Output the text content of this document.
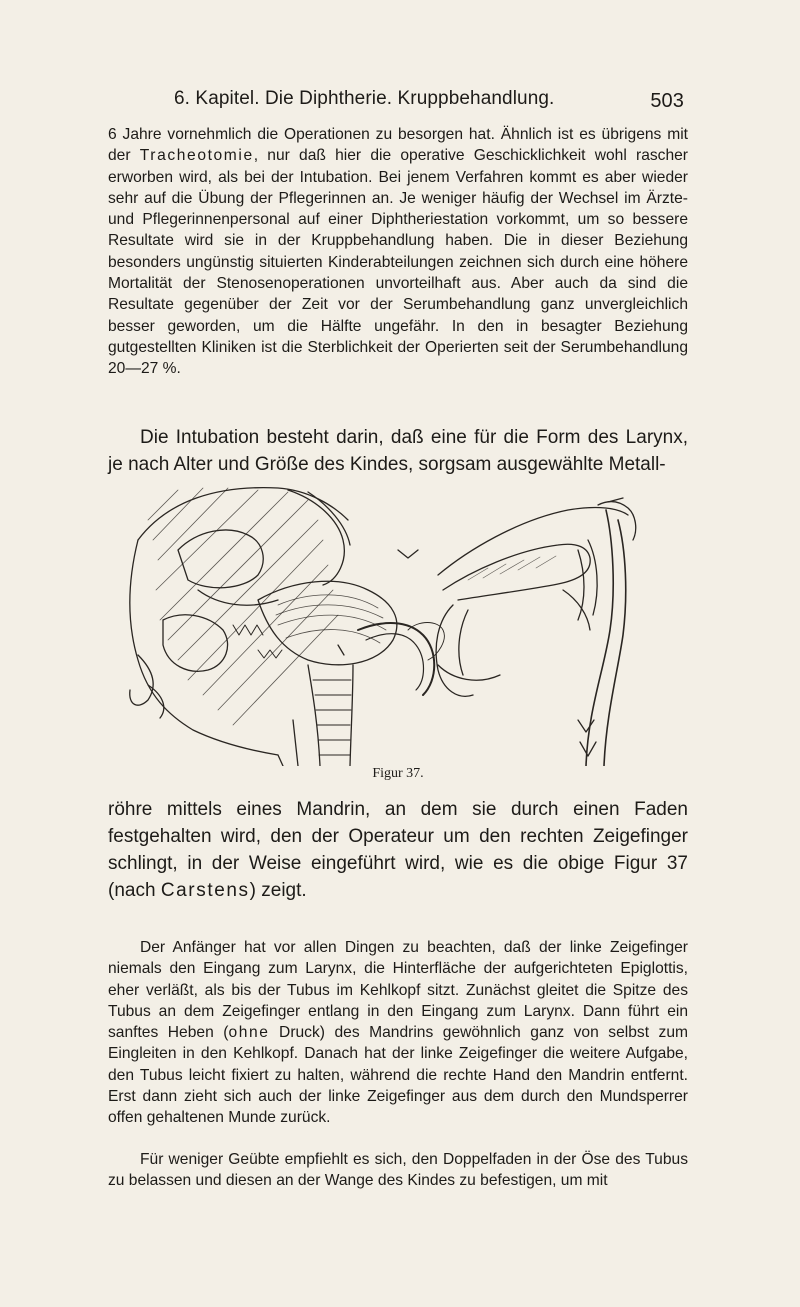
6. Kapitel. Die Diphtherie. Kruppbehandlung.	503

6 Jahre vornehmlich die Operationen zu besorgen hat. Ähnlich ist es übrigens mit der Tracheotomie, nur daß hier die operative Geschicklichkeit wohl rascher erworben wird, als bei der Intubation. Bei jenem Verfahren kommt es aber wieder sehr auf die Übung der Pflegerinnen an. Je weniger häufig der Wechsel im Ärzte- und Pflegerinnenpersonal auf einer Diphtheriestation vorkommt, um so bessere Resultate wird sie in der Kruppbehandlung haben. Die in dieser Beziehung besonders ungünstig situierten Kinderabteilungen zeichnen sich durch eine höhere Mortalität der Stenosenoperationen unvorteilhaft aus. Aber auch da sind die Resultate gegenüber der Zeit vor der Serumbehandlung ganz unvergleichlich besser geworden, um die Hälfte ungefähr. In den in besagter Beziehung gutgestellten Kliniken ist die Sterblichkeit der Operierten seit der Serumbehandlung 20—27 %.

Die Intubation besteht darin, daß eine für die Form des Larynx, je nach Alter und Größe des Kindes, sorgsam ausgewählte Metall-

Figur 37.

röhre mittels eines Mandrin, an dem sie durch einen Faden festgehalten wird, den der Operateur um den rechten Zeigefinger schlingt, in der Weise eingeführt wird, wie es die obige Figur 37 (nach Carstens) zeigt.

Der Anfänger hat vor allen Dingen zu beachten, daß der linke Zeigefinger niemals den Eingang zum Larynx, die Hinterfläche der aufgerichteten Epiglottis, eher verläßt, als bis der Tubus im Kehlkopf sitzt. Zunächst gleitet die Spitze des Tubus an dem Zeigefinger entlang in den Eingang zum Larynx. Dann führt ein sanftes Heben (ohne Druck) des Mandrins gewöhnlich ganz von selbst zum Eingleiten in den Kehlkopf. Danach hat der linke Zeigefinger die weitere Aufgabe, den Tubus leicht fixiert zu halten, während die rechte Hand den Mandrin entfernt. Erst dann zieht sich auch der linke Zeigefinger aus dem durch den Mundsperrer offen gehaltenen Munde zurück.

Für weniger Geübte empfiehlt es sich, den Doppelfaden in der Öse des Tubus zu belassen und diesen an der Wange des Kindes zu befestigen, um mit
